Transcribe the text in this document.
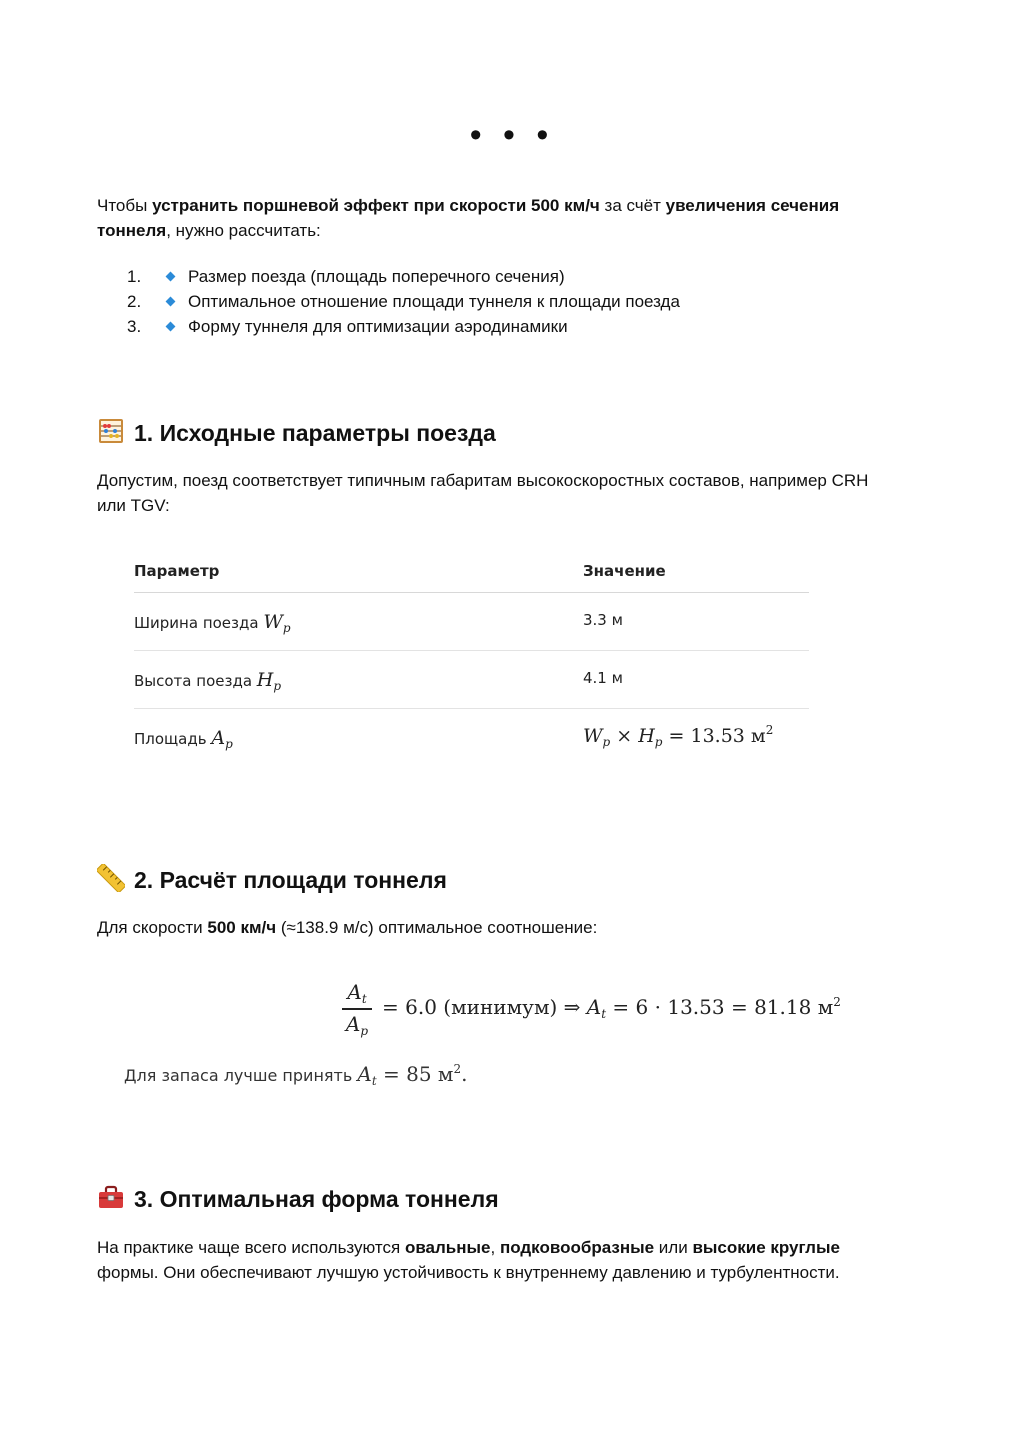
• • •

Чтобы устранить поршневой эффект при скорости 500 км/ч за счёт увеличения сечения тоннеля, нужно рассчитать:

1.	Размер поезда (площадь поперечного сечения)
2.	Оптимальное отношение площади туннеля к площади поезда
3.	Форму туннеля для оптимизации аэродинамики
1. Исходные параметры поезда

Допустим, поезд соответствует типичным габаритам высокоскоростных составов, например CRH или TGV:

Параметр	Значение
Ширина поезда $W_p$	3.3 м
Высота поезда $H_p$	4.1 м
Площадь $A_p$	$W_p \times H_p = 13.53$ $м^2$
2. Расчёт площади тоннеля

Для скорости 500 км/ч (≈138.9 м/с) оптимальное соотношение:

$A_t$
$A_p$
= 6.0 (минимум) ⇒ $A_t = 6 \cdot 13.53 = 81.18$ $м^2$
Для запаса лучше принять $A_t = 85$ $м^2$.
3. Оптимальная форма тоннеля

На практике чаще всего используются овальные, подковообразные или высокие круглые формы. Они обеспечивают лучшую устойчивость к внутреннему давлению и турбулентности.
